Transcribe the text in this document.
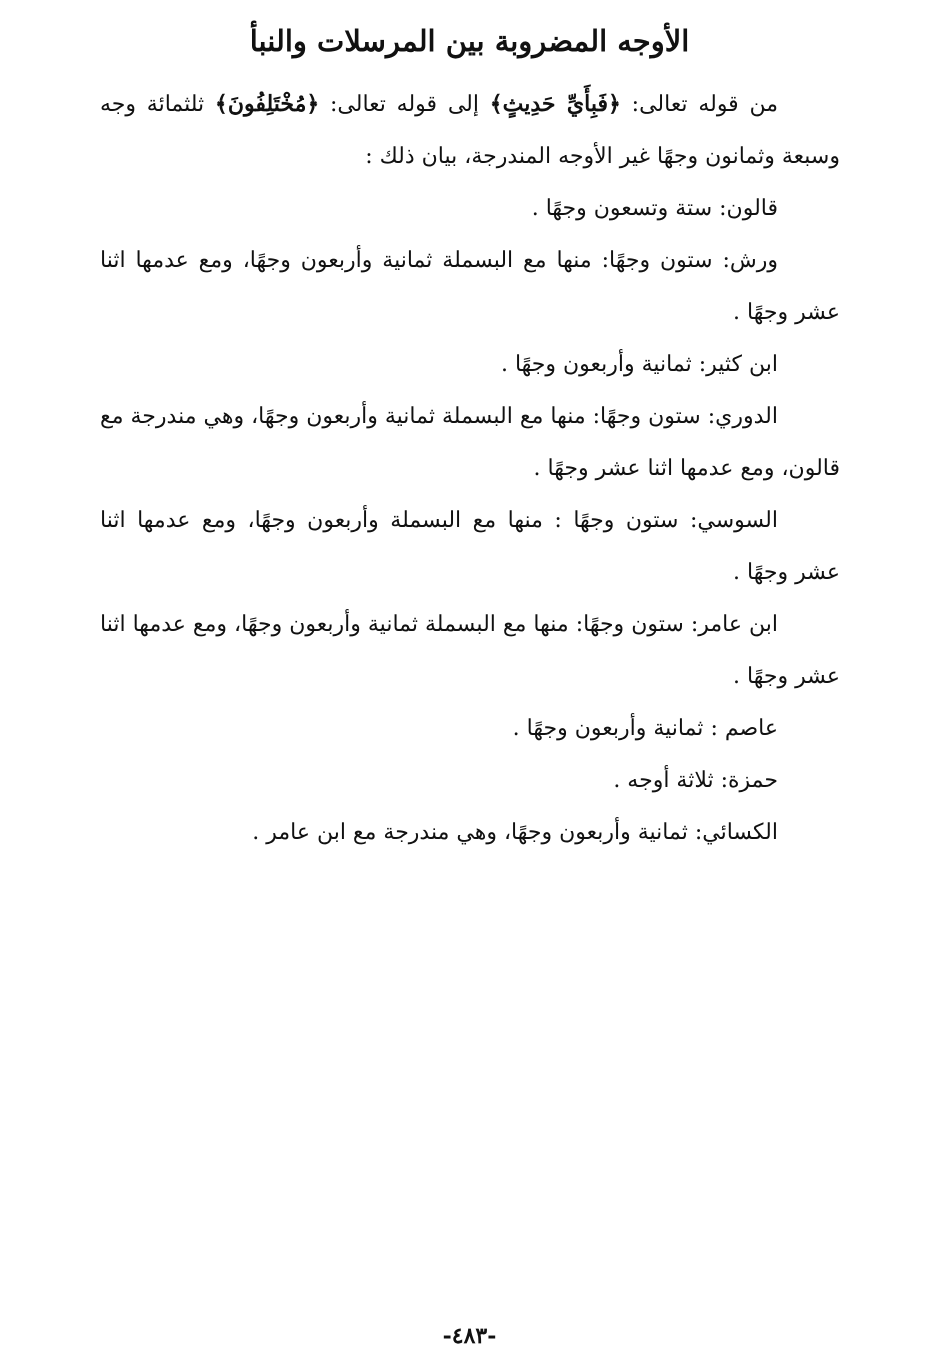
الأوجه المضروبة بين المرسلات والنبأ

من قوله تعالى: ﴿فَبِأَيِّ حَدِيثٍ﴾ إلى قوله تعالى: ﴿مُخْتَلِفُونَ﴾ ثلثمائة وجه وسبعة وثمانون وجهًا غير الأوجه المندرجة، بيان ذلك :

قالون: ستة وتسعون وجهًا .

ورش: ستون وجهًا: منها مع البسملة ثمانية وأربعون وجهًا، ومع عدمها اثنا عشر وجهًا .

ابن كثير: ثمانية وأربعون وجهًا .

الدوري: ستون وجهًا: منها مع البسملة ثمانية وأربعون وجهًا، وهي مندرجة مع قالون، ومع عدمها اثنا عشر وجهًا .

السوسي: ستون وجهًا : منها مع البسملة وأربعون وجهًا، ومع عدمها اثنا عشر وجهًا .

ابن عامر: ستون وجهًا: منها مع البسملة ثمانية وأربعون وجهًا، ومع عدمها اثنا عشر وجهًا .

عاصم : ثمانية وأربعون وجهًا .

حمزة: ثلاثة أوجه .

الكسائي: ثمانية وأربعون وجهًا، وهي مندرجة مع ابن عامر .

-٤٨٣-
